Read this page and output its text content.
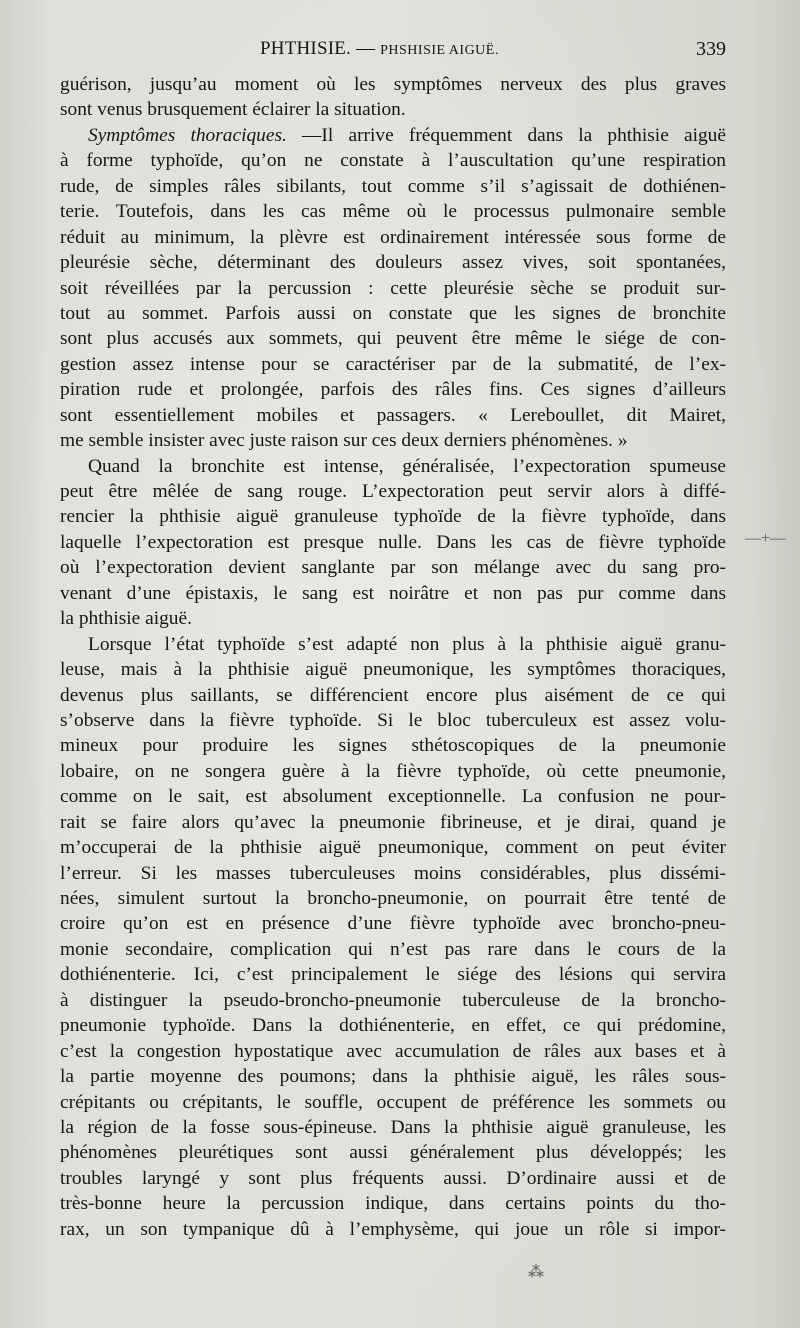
PHTHISIE. — PHSHISIE AIGUË.	339
guérison, jusqu’au moment où les symptômes nerveux des plus graves
sont venus brusquement éclairer la situation.
Symptômes thoraciques. —Il arrive fréquemment dans la phthisie aiguë
à forme typhoïde, qu’on ne constate à l’auscultation qu’une respiration
rude, de simples râles sibilants, tout comme s’il s’agissait de dothiénen-
terie. Toutefois, dans les cas même où le processus pulmonaire semble
réduit au minimum, la plèvre est ordinairement intéressée sous forme de
pleurésie sèche, déterminant des douleurs assez vives, soit spontanées,
soit réveillées par la percussion : cette pleurésie sèche se produit sur-
tout au sommet. Parfois aussi on constate que les signes de bronchite
sont plus accusés aux sommets, qui peuvent être même le siége de con-
gestion assez intense pour se caractériser par de la submatité, de l’ex-
piration rude et prolongée, parfois des râles fins. Ces signes d’ailleurs
sont essentiellement mobiles et passagers. « Lereboullet, dit Mairet,
me semble insister avec juste raison sur ces deux derniers phénomènes. »
Quand la bronchite est intense, généralisée, l’expectoration spumeuse
peut être mêlée de sang rouge. L’expectoration peut servir alors à diffé-
rencier la phthisie aiguë granuleuse typhoïde de la fièvre typhoïde, dans
laquelle l’expectoration est presque nulle. Dans les cas de fièvre typhoïde
où l’expectoration devient sanglante par son mélange avec du sang pro-
venant d’une épistaxis, le sang est noirâtre et non pas pur comme dans
la phthisie aiguë.
Lorsque l’état typhoïde s’est adapté non plus à la phthisie aiguë granu-
leuse, mais à la phthisie aiguë pneumonique, les symptômes thoraciques,
devenus plus saillants, se différencient encore plus aisément de ce qui
s’observe dans la fièvre typhoïde. Si le bloc tuberculeux est assez volu-
mineux pour produire les signes sthétoscopiques de la pneumonie
lobaire, on ne songera guère à la fièvre typhoïde, où cette pneumonie,
comme on le sait, est absolument exceptionnelle. La confusion ne pour-
rait se faire alors qu’avec la pneumonie fibrineuse, et je dirai, quand je
m’occuperai de la phthisie aiguë pneumonique, comment on peut éviter
l’erreur. Si les masses tuberculeuses moins considérables, plus dissémi-
nées, simulent surtout la broncho-pneumonie, on pourrait être tenté de
croire qu’on est en présence d’une fièvre typhoïde avec broncho-pneu-
monie secondaire, complication qui n’est pas rare dans le cours de la
dothiénenterie. Ici, c’est principalement le siége des lésions qui servira
à distinguer la pseudo-broncho-pneumonie tuberculeuse de la broncho-
pneumonie typhoïde. Dans la dothiénenterie, en effet, ce qui prédomine,
c’est la congestion hypostatique avec accumulation de râles aux bases et à
la partie moyenne des poumons; dans la phthisie aiguë, les râles sous-
crépitants ou crépitants, le souffle, occupent de préférence les sommets ou
la région de la fosse sous-épineuse. Dans la phthisie aiguë granuleuse, les
phénomènes pleurétiques sont aussi généralement plus développés; les
troubles laryngé y sont plus fréquents aussi. D’ordinaire aussi et de
très-bonne heure la percussion indique, dans certains points du tho-
rax, un son tympanique dû à l’emphysème, qui joue un rôle si impor-
—+—
⁂
